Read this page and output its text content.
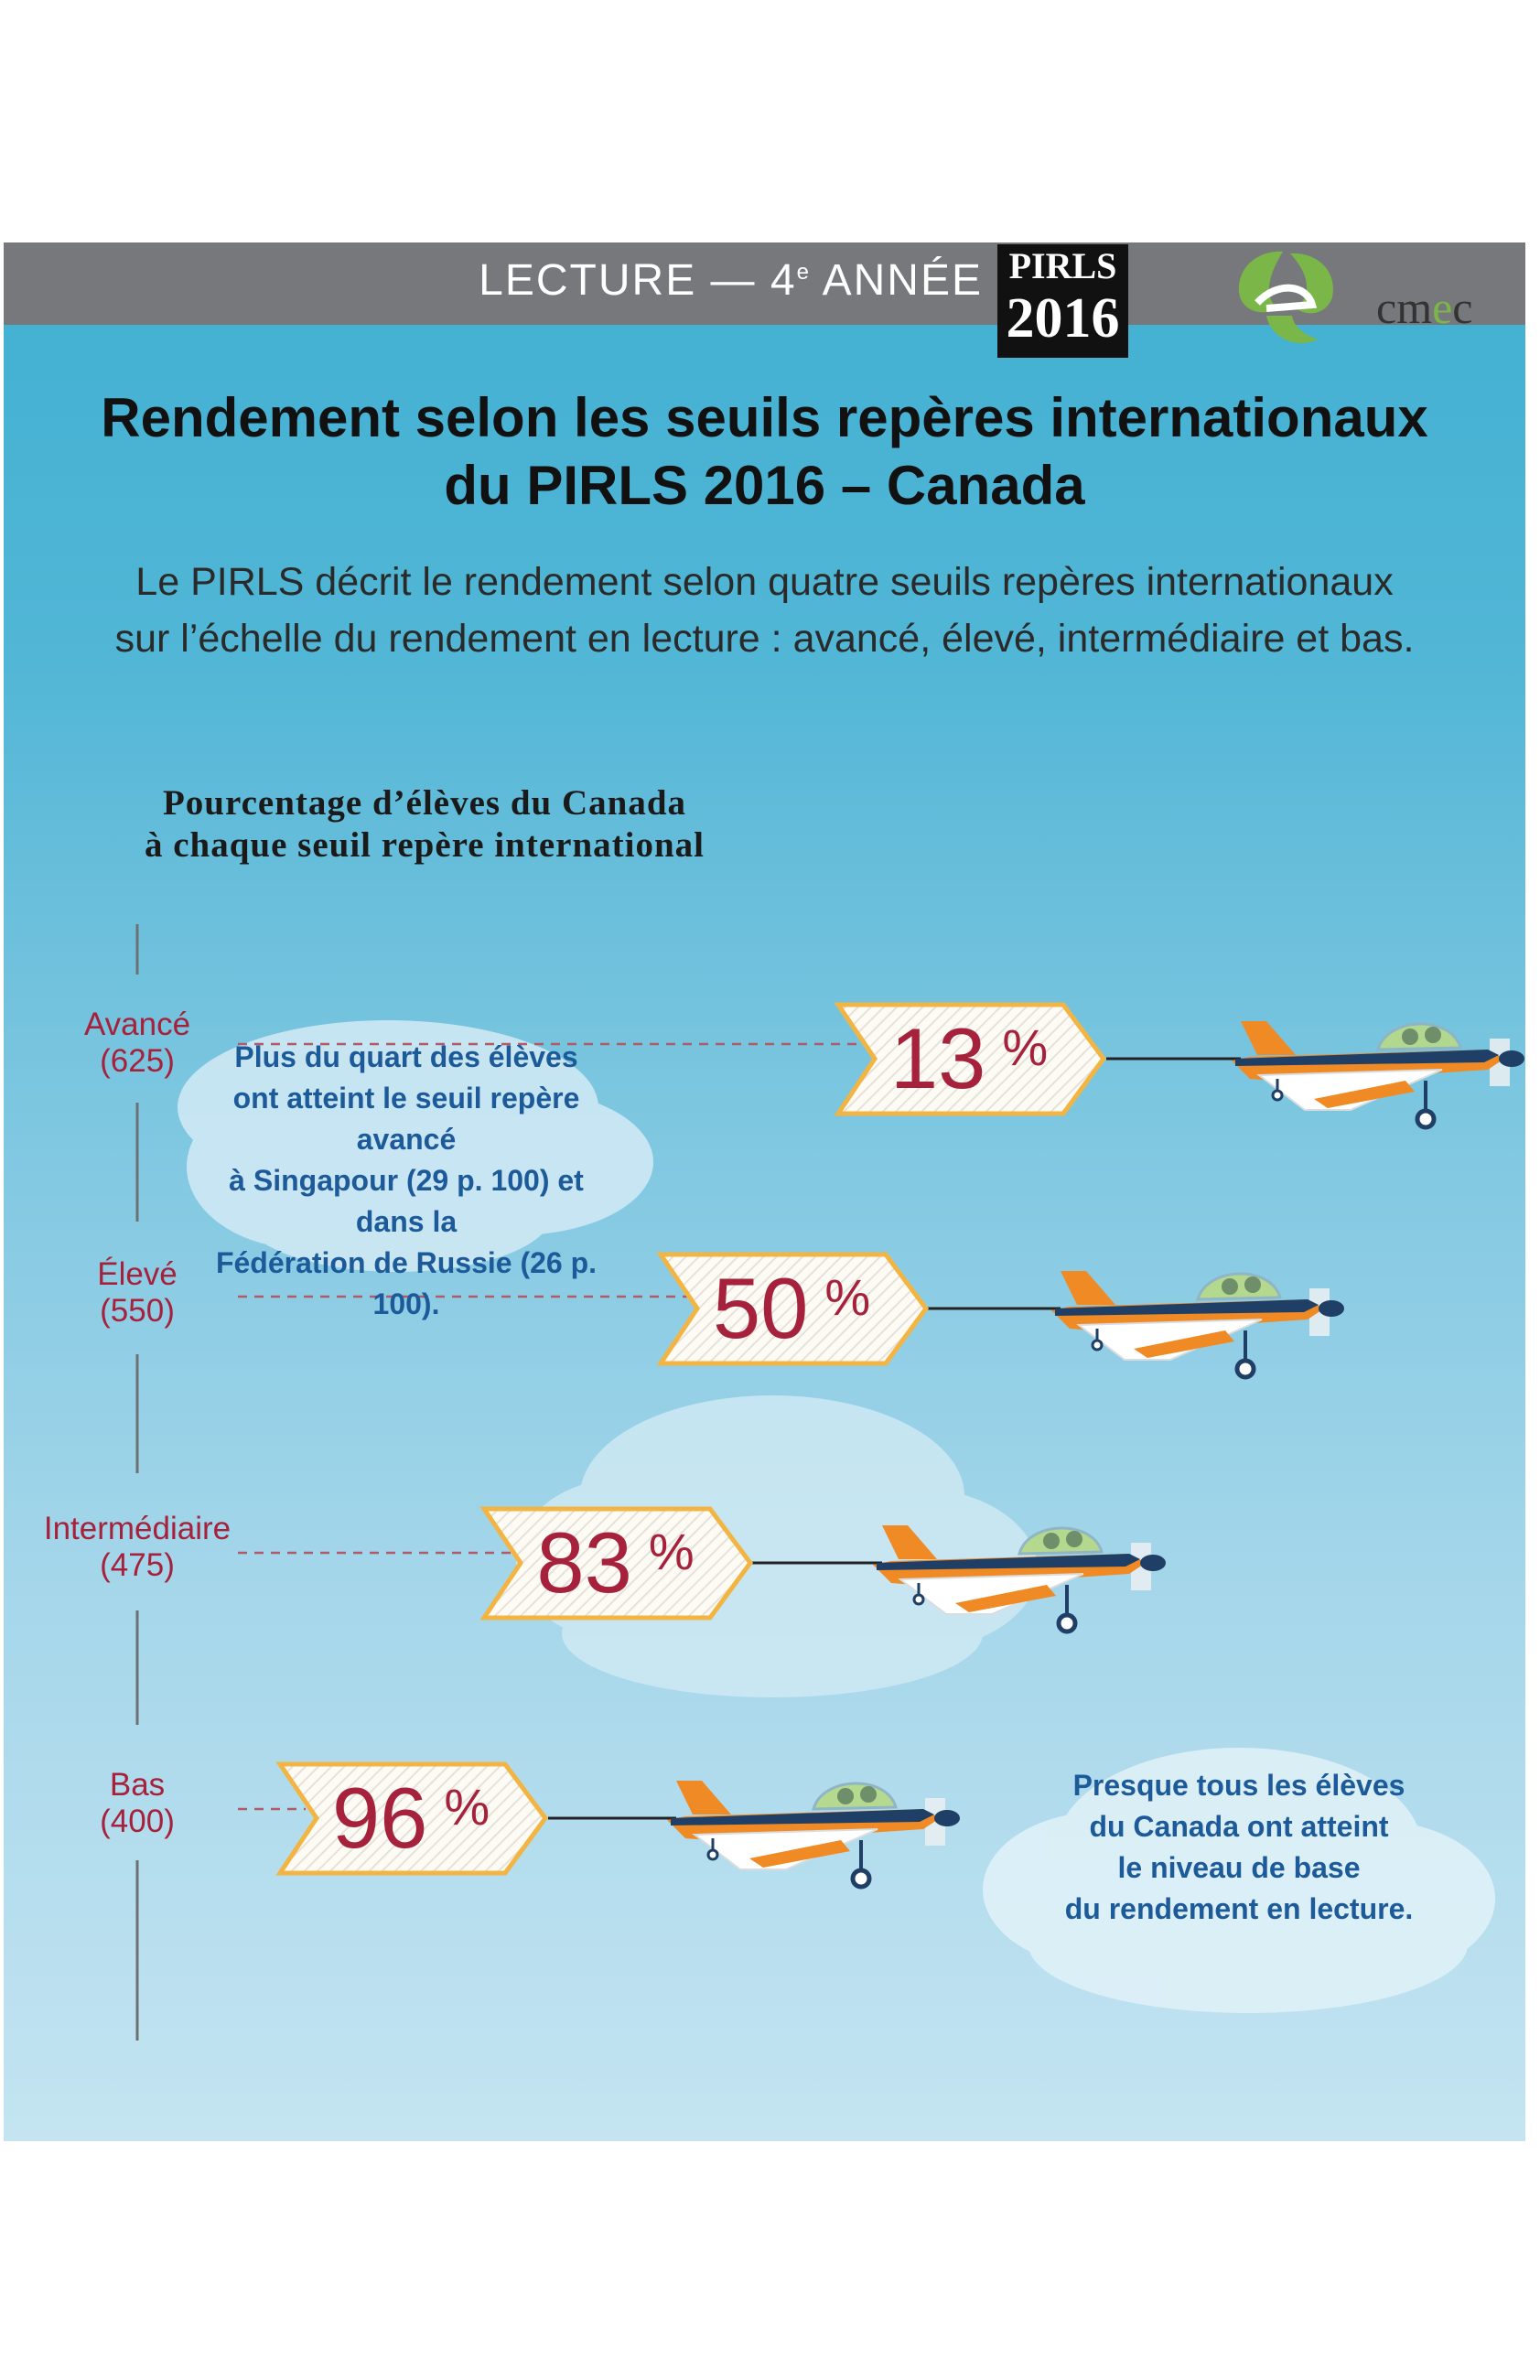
LECTURE — 4e ANNÉE PIRLS
2016	cmec
Rendement selon les seuils repères internationaux
du PIRLS 2016 – Canada

Le PIRLS décrit le rendement selon quatre seuils repères internationaux
sur l’échelle du rendement en lecture : avancé, élevé, intermédiaire et bas.

Pourcentage d’élèves du Canada
à chaque seuil repère international
Avancé
(625)
Élevé
(550)
Intermédiaire
(475)
Bas
(400)
13 %
50 %
83 %
96 %
Plus du quart des élèves
ont atteint le seuil repère avancé
à Singapour (29 p. 100) et dans la
Fédération de Russie (26 p. 100).
Presque tous les élèves
du Canada ont atteint
le niveau de base
du rendement en lecture.
